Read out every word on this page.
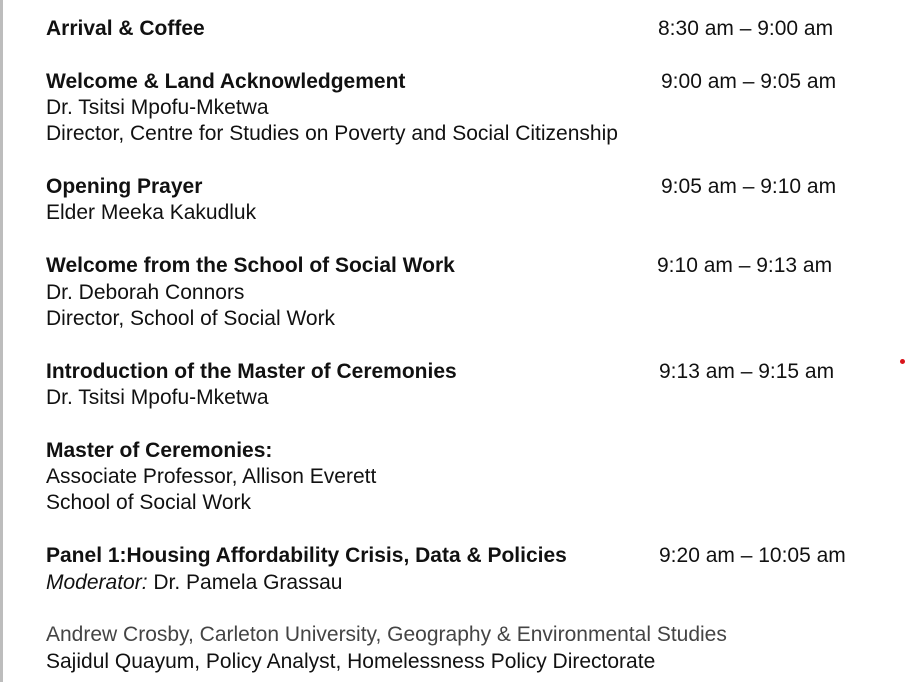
Arrival & Coffee	8:30 am – 9:00 am
Welcome & Land Acknowledgement	9:00 am – 9:05 am
Dr. Tsitsi Mpofu-Mketwa
Director, Centre for Studies on Poverty and Social Citizenship
Opening Prayer	9:05 am – 9:10 am
Elder Meeka Kakudluk
Welcome from the School of Social Work	9:10 am – 9:13 am
Dr. Deborah Connors
Director, School of Social Work
Introduction of the Master of Ceremonies	9:13 am – 9:15 am
Dr. Tsitsi Mpofu-Mketwa
Master of Ceremonies:
Associate Professor, Allison Everett
School of Social Work
Panel 1:Housing Affordability Crisis, Data & Policies	9:20 am – 10:05 am
Moderator: Dr. Pamela Grassau
Andrew Crosby, Carleton University, Geography & Environmental Studies
Sajidul Quayum, Policy Analyst, Homelessness Policy Directorate
